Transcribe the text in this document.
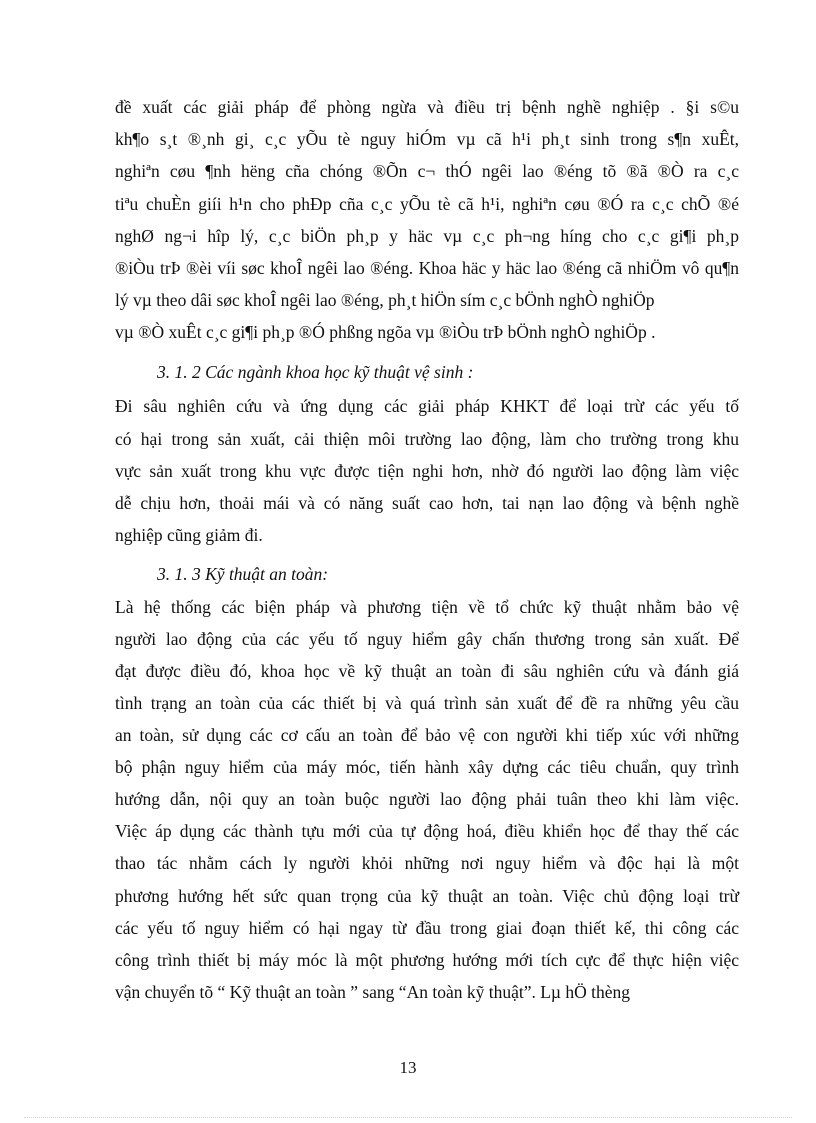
đề xuất các giải pháp để phòng ngừa và điều trị bệnh nghề nghiệp . §i s©u
kh¶o s¸t ®¸nh gi¸ c¸c yÕu tè nguy hiÓm vµ cã h¹i ph¸t sinh trong s¶n xuÊt,
nghiªn cøu ¶nh hëng cña chóng ®Õn c¬ thÓ ngêi lao ®éng tõ ®ã ®Ò ra c¸c
tiªu chuÈn giíi h¹n cho phÐp cña c¸c yÕu tè cã h¹i, nghiªn cøu ®Ó ra c¸c chÕ ®é
nghØ ng¬i hîp lý, c¸c biÖn ph¸p y häc vµ c¸c ph¬ng híng cho c¸c gi¶i ph¸p
®iÒu trÞ ®èi víi søc khoÎ ngêi lao ®éng. Khoa häc y häc lao ®éng cã nhiÖm vô qu¶n
lý vµ theo dâi søc khoÎ ngêi lao ®éng, ph¸t hiÖn sím c¸c bÖnh nghÒ nghiÖp
vµ ®Ò xuÊt c¸c gi¶i ph¸p ®Ó phßng ngõa vµ ®iÒu trÞ bÖnh nghÒ nghiÖp .
3. 1. 2 Các ngành khoa học kỹ thuật vệ sinh :
Đi sâu nghiên cứu và ứng dụng các giải pháp KHKT để loại trừ các yếu tố
có hại trong sản xuất, cải thiện môi trường lao động, làm cho trường trong khu
vực sản xuất trong khu vực được tiện nghi hơn, nhờ đó người lao động làm việc
dễ chịu hơn, thoải mái và có năng suất cao hơn, tai nạn lao động và bệnh nghề
nghiệp cũng giảm đi.
3. 1. 3 Kỹ thuật an toàn:
Là hệ thống các biện pháp và phương tiện về tổ chức kỹ thuật nhằm bảo vệ
người lao động của các yếu tố nguy hiểm gây chấn thương trong sản xuất. Để
đạt được điều đó, khoa học về kỹ thuật an toàn đi sâu nghiên cứu và đánh giá
tình trạng an toàn của các thiết bị và quá trình sản xuất để đề ra những yêu cầu
an toàn, sử dụng các cơ cấu an toàn để bảo vệ con người khi tiếp xúc với những
bộ phận nguy hiểm của máy móc, tiến hành xây dựng các tiêu chuẩn, quy trình
hướng dẫn, nội quy an toàn buộc người lao động phải tuân theo khi làm việc.
Việc áp dụng các thành tựu mới của tự động hoá, điều khiển học để thay thế các
thao tác nhằm cách ly người khỏi những nơi nguy hiểm và độc hại là một
phương hướng hết sức quan trọng của kỹ thuật an toàn. Việc chủ động loại trừ
các yếu tố nguy hiểm có hại ngay từ đầu trong giai đoạn thiết kế, thi công các
công trình thiết bị máy móc là một phương hướng mới tích cực để thực hiện việc
vận chuyển tõ “ Kỹ thuật an toàn ” sang “An toàn kỹ thuật”. Lµ hÖ thèng
13
